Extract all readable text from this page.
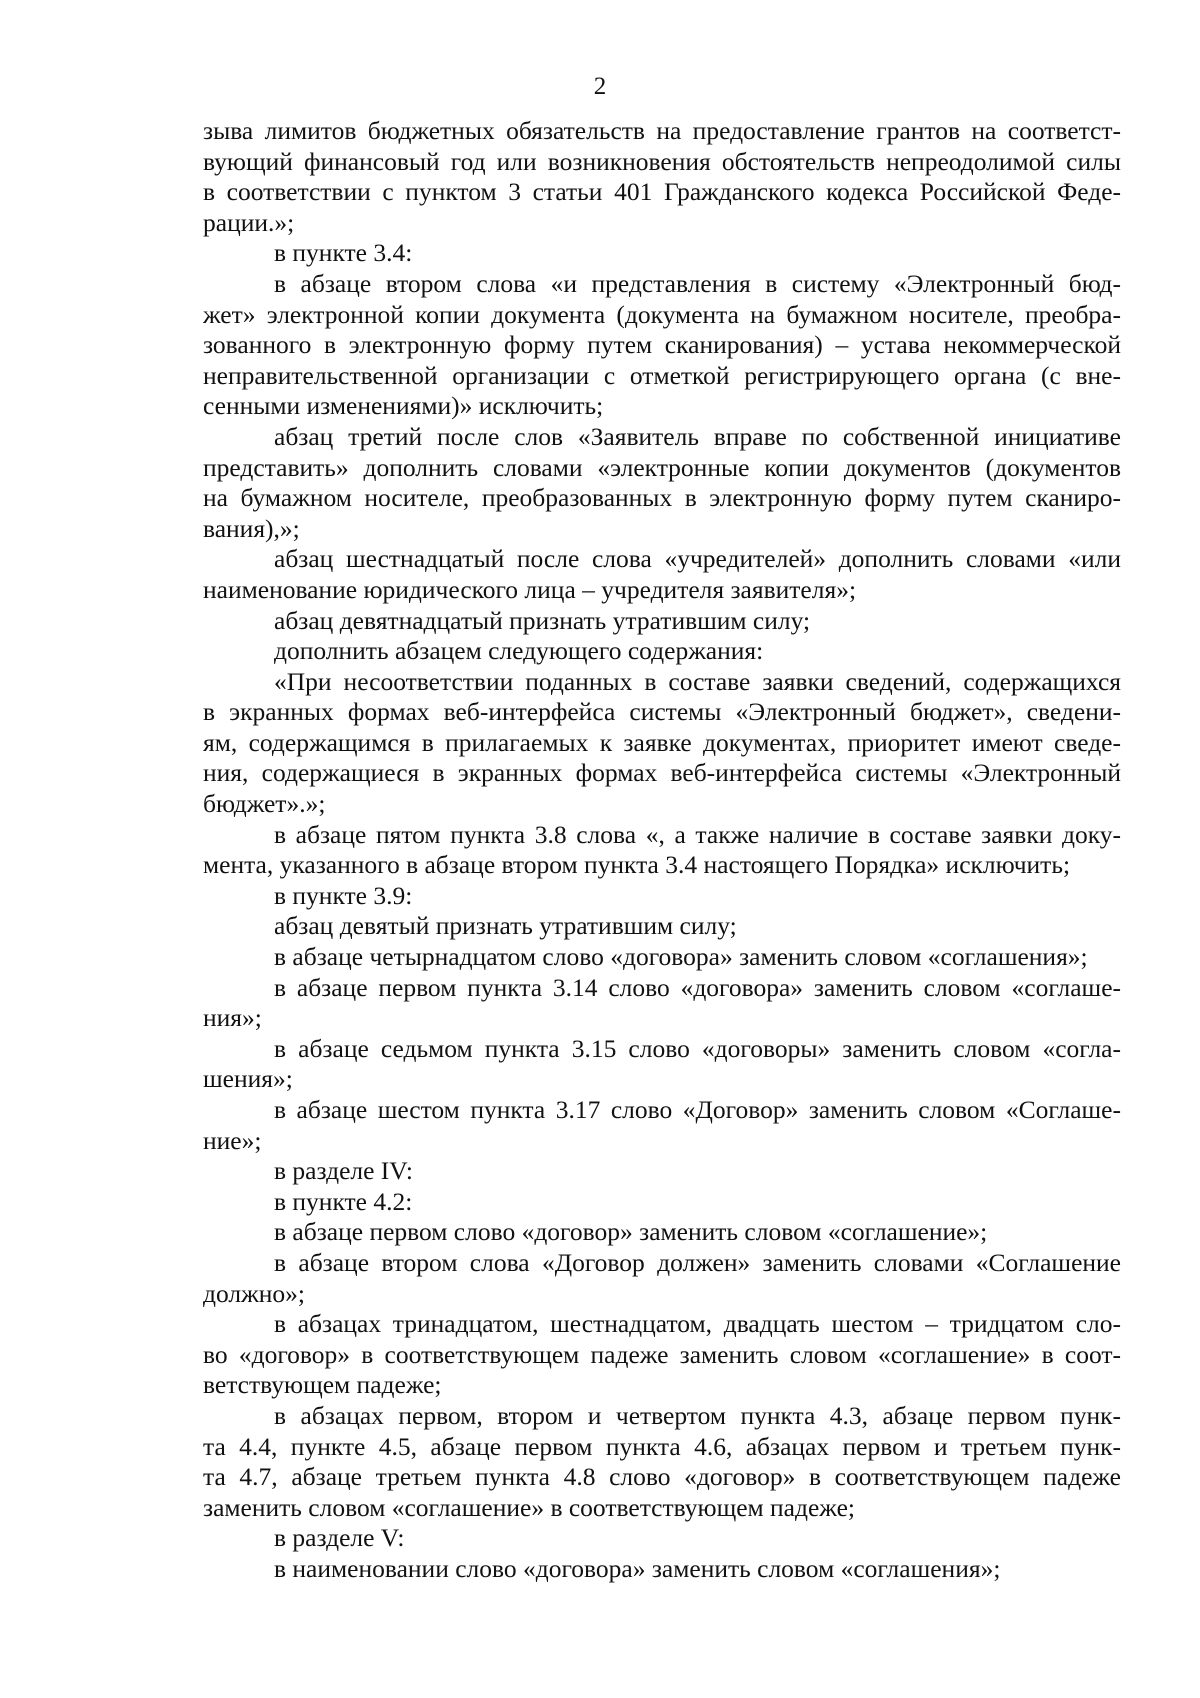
2
зыва лимитов бюджетных обязательств на предоставление грантов на соответст-
вующий финансовый год или возникновения обстоятельств непреодолимой силы
в соответствии с пунктом 3 статьи 401 Гражданского кодекса Российской Феде-
рации.»;
в пункте 3.4:
в абзаце втором слова «и представления в систему «Электронный бюд-
жет» электронной копии документа (документа на бумажном носителе, преобра-
зованного в электронную форму путем сканирования) – устава некоммерческой
неправительственной организации с отметкой регистрирующего органа (с вне-
сенными изменениями)» исключить;
абзац третий после слов «Заявитель вправе по собственной инициативе
представить» дополнить словами «электронные копии документов (документов
на бумажном носителе, преобразованных в электронную форму путем сканиро-
вания),»;
абзац шестнадцатый после слова «учредителей» дополнить словами «или
наименование юридического лица – учредителя заявителя»;
абзац девятнадцатый признать утратившим силу;
дополнить абзацем следующего содержания:
«При несоответствии поданных в составе заявки сведений, содержащихся
в экранных формах веб-интерфейса системы «Электронный бюджет», сведени-
ям, содержащимся в прилагаемых к заявке документах, приоритет имеют сведе-
ния, содержащиеся в экранных формах веб-интерфейса системы «Электронный
бюджет».»;
в абзаце пятом пункта 3.8 слова «, а также наличие в составе заявки доку-
мента, указанного в абзаце втором пункта 3.4 настоящего Порядка» исключить;
в пункте 3.9:
абзац девятый признать утратившим силу;
в абзаце четырнадцатом слово «договора» заменить словом «соглашения»;
в абзаце первом пункта 3.14 слово «договора» заменить словом «соглаше-
ния»;
в абзаце седьмом пункта 3.15 слово «договоры» заменить словом «согла-
шения»;
в абзаце шестом пункта 3.17 слово «Договор» заменить словом «Соглаше-
ние»;
в разделе IV:
в пункте 4.2:
в абзаце первом слово «договор» заменить словом «соглашение»;
в абзаце втором слова «Договор должен» заменить словами «Соглашение
должно»;
в абзацах тринадцатом, шестнадцатом, двадцать шестом – тридцатом сло-
во «договор» в соответствующем падеже заменить словом «соглашение» в соот-
ветствующем падеже;
в абзацах первом, втором и четвертом пункта 4.3, абзаце первом пунк-
та 4.4, пункте 4.5, абзаце первом пункта 4.6, абзацах первом и третьем пунк-
та 4.7, абзаце третьем пункта 4.8 слово «договор» в соответствующем падеже
заменить словом «соглашение» в соответствующем падеже;
в разделе V:
в наименовании слово «договора» заменить словом «соглашения»;
